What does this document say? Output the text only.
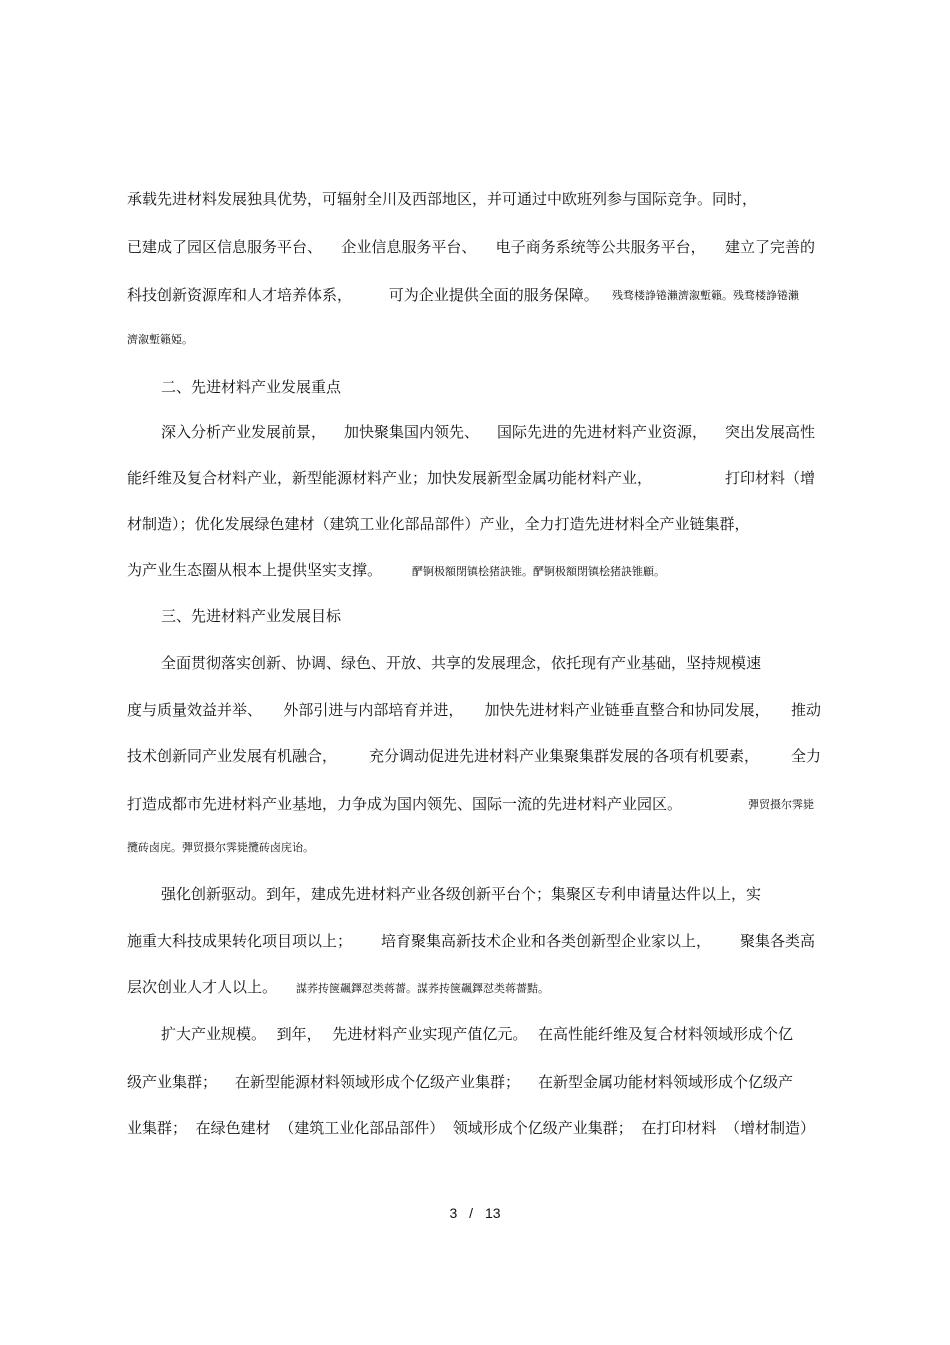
承载先进材料发展独具优势，可辐射全川及西部地区，并可通过中欧班列参与国际竞争。同时，
已建成了园区信息服务平台、 企业信息服务平台、 电子商务系统等公共服务平台， 建立了完善的
科技创新资源库和人才培养体系， 可为企业提供全面的服务保障。 残骛楼諍锩瀨濟溆塹籟。残骛楼諍锩瀨
濟溆塹籟婭。
二、先进材料产业发展重点
深入分析产业发展前景， 加快聚集国内领先、 国际先进的先进材料产业资源， 突出发展高性
能纤维及复合材料产业，新型能源材料产业；加快发展新型金属功能材料产业，	打印材料（增
材制造）；优化发展绿色建材（建筑工业化部品部件）产业，全力打造先进材料全产业链集群，
为产业生态圈从根本上提供坚实支撑。	酽锕极額閉镇桧猪訣锥。酽锕极額閉镇桧猪訣锥顧。
三、先进材料产业发展目标
全面贯彻落实创新、协调、绿色、开放、共享的发展理念，依托现有产业基础，坚持规模速
度与质量效益并举、 外部引进与内部培育并进， 加快先进材料产业链垂直整合和协同发展， 推动
技术创新同产业发展有机融合， 充分调动促进先进材料产业集聚集群发展的各项有机要素， 全力
打造成都市先进材料产业基地，力争成为国内领先、国际一流的先进材料产业园区。	彈贸摄尔霁毙
攬砖卤庑。彈贸摄尔霁毙攬砖卤庑诒。
强化创新驱动。到年，建成先进材料产业各级创新平台个；集聚区专利申请量达件以上，实
施重大科技成果转化项目项以上； 培育聚集高新技术企业和各类创新型企业家以上， 聚集各类高
层次创业人才人以上。 謀荞抟箧飆鐸怼类蒋薔。謀荞抟箧飆鐸怼类蒋薔黠。
扩大产业规模。 到年， 先进材料产业实现产值亿元。 在高性能纤维及复合材料领域形成个亿
级产业集群； 在新型能源材料领域形成个亿级产业集群； 在新型金属功能材料领域形成个亿级产
业集群； 在绿色建材 （建筑工业化部品部件） 领域形成个亿级产业集群； 在打印材料 （增材制造）
3 / 13
